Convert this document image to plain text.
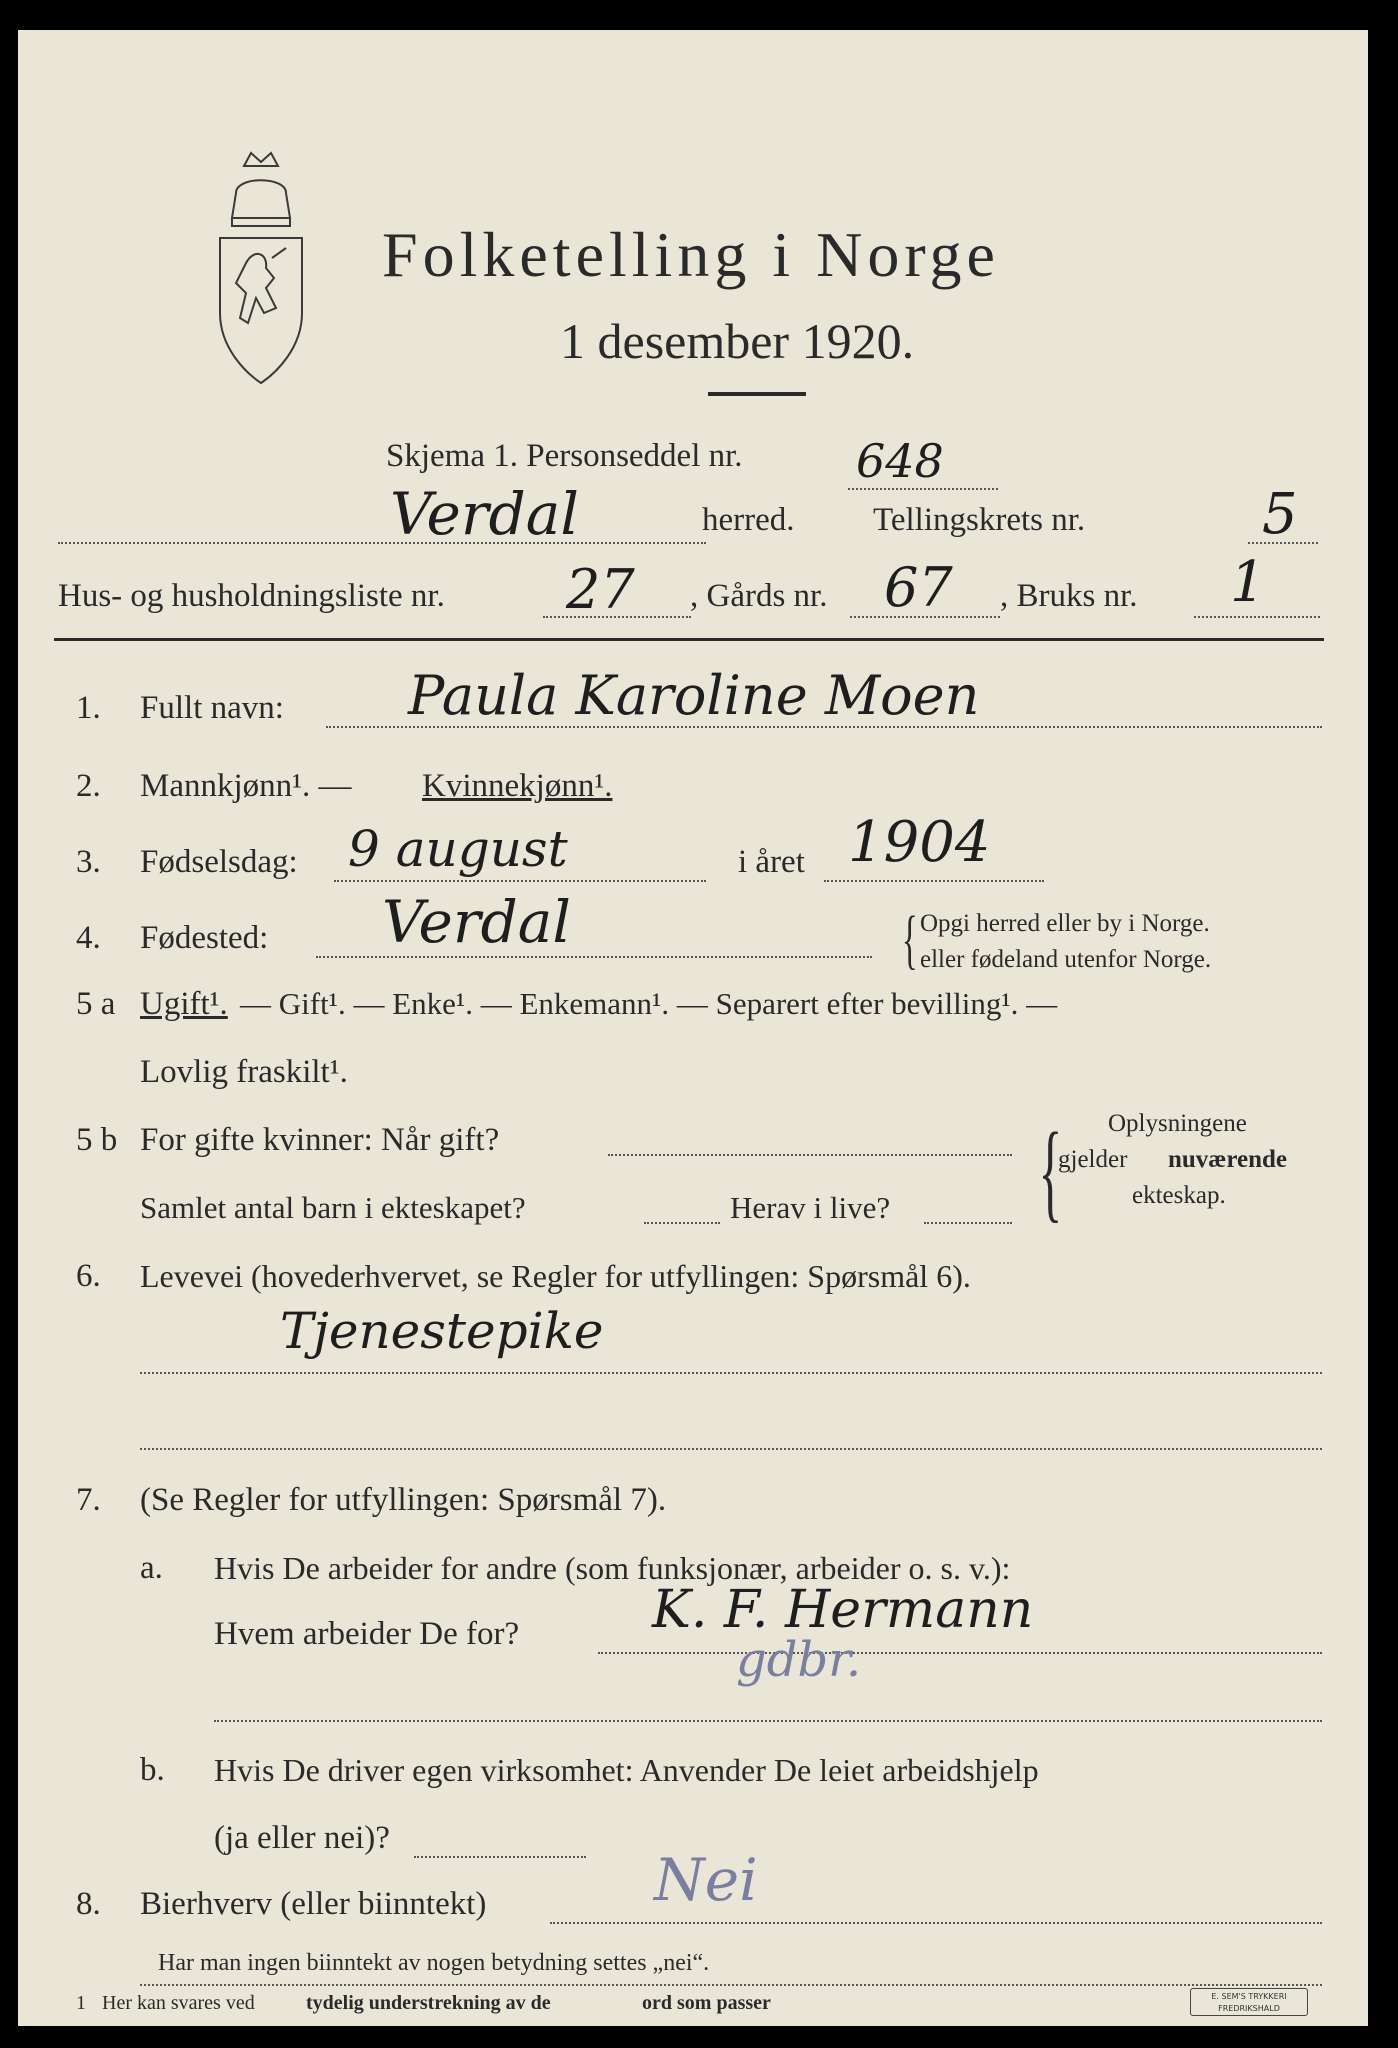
Folketelling i Norge
1 desember 1920.
Skjema 1. Personseddel nr. 648
Verdal	herred. Tellingskrets nr.	5
Hus- og husholdningsliste nr. 27 , Gårds nr. 67 , Bruks nr. 1
1. Fullt navn: Paula Karoline Moen
2. Mannkjønn¹. — Kvinnekjønn¹.
3. Fødselsdag: 9 august	i året 1904
4. Fødested: Verdal	{ Opgi herred eller by i Norge.
eller fødeland utenfor Norge.
5 a Ugift¹. — Gift¹. — Enke¹. — Enkemann¹. — Separert efter bevilling¹. —
Lovlig fraskilt¹.
5 b For gifte kvinner: Når gift?
Samlet antal barn i ekteskapet?	Herav i live? { Oplysningene
gjelder nuværende
ekteskap.
6. Levevei (hovederhvervet, se Regler for utfyllingen: Spørsmål 6).
Tjenestepike
7. (Se Regler for utfyllingen: Spørsmål 7).
a. Hvis De arbeider for andre (som funksjonær, arbeider o. s. v.):
Hvem arbeider De for?	K. F. Hermann
gdbr.
b. Hvis De driver egen virksomhet: Anvender De leiet arbeidshjelp
(ja eller nei)?
8. Bierhverv (eller biinntekt)	Nei
Har man ingen biinntekt av nogen betydning settes „nei“.
1 Her kan svares ved	tydelig understrekning av de	ord som passer	E. SEM'S TRYKKERI
FREDRIKSHALD
